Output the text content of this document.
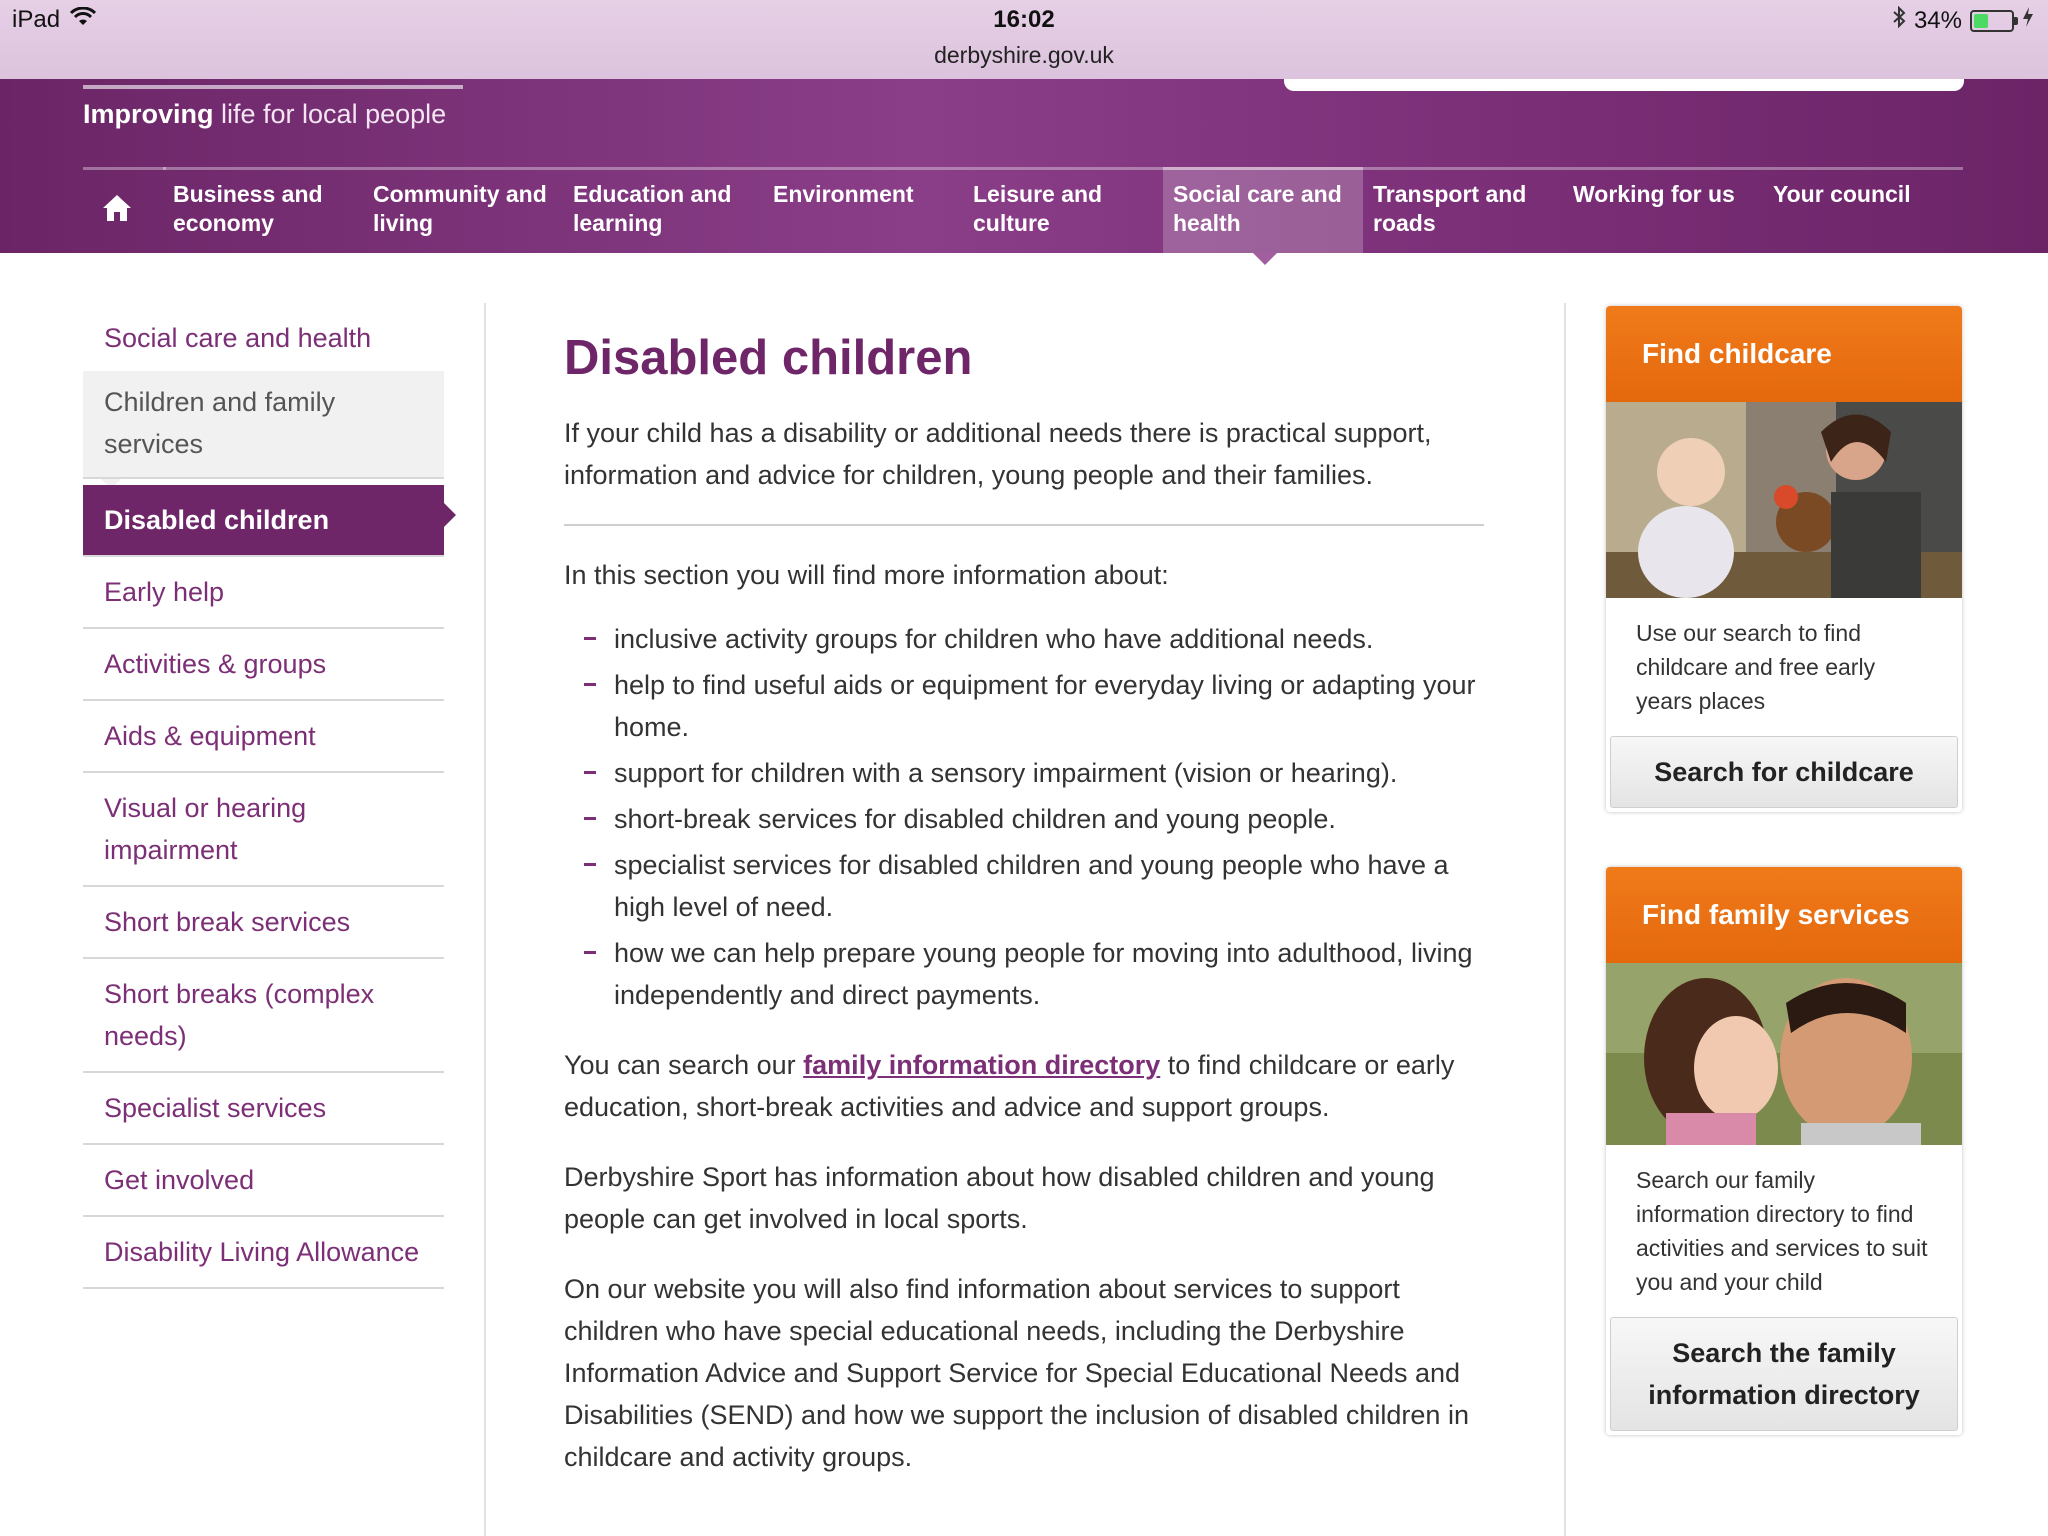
iPad	16:02
derbyshire.gov.uk
34%
Improving life for local people
Business and economy
Community and living
Education and learning
Environment	Leisure and culture
Social care and health
Transport and roads
Working for us	Your council
Social care and health
Children and family services
Disabled children
Early help
Activities & groups
Aids & equipment
Visual or hearing impairment
Short break services
Short breaks (complex needs)
Specialist services
Get involved
Disability Living Allowance
Disabled children

If your child has a disability or additional needs there is practical support, information and advice for children, young people and their families.

In this section you will find more information about:

inclusive activity groups for children who have additional needs.
help to find useful aids or equipment for everyday living or adapting your home.
support for children with a sensory impairment (vision or hearing).
short-break services for disabled children and young people.
specialist services for disabled children and young people who have a high level of need.
how we can help prepare young people for moving into adulthood, living independently and direct payments.

You can search our family information directory to find childcare or early education, short-break activities and advice and support groups.

Derbyshire Sport has information about how disabled children and young people can get involved in local sports.

On our website you will also find information about services to support children who have special educational needs, including the Derbyshire Information Advice and Support Service for Special Educational Needs and Disabilities (SEND) and how we support the inclusion of disabled children in childcare and activity groups.

Find childcare
Use our search to find childcare and free early years places
Search for childcare
Find family services
Search our family information directory to find activities and services to suit you and your child
Search the family information directory
